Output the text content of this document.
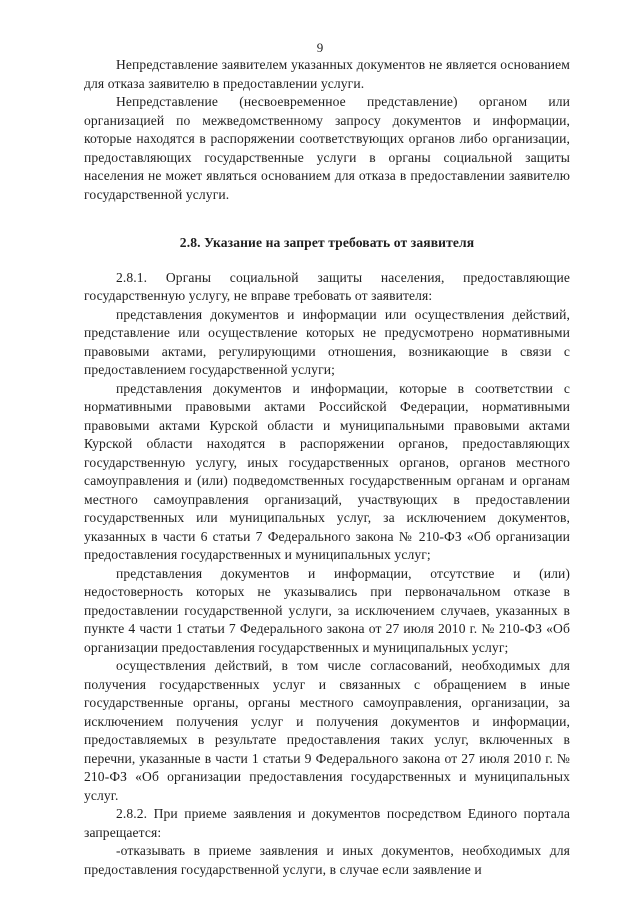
9

Непредставление заявителем указанных документов не является основанием для отказа заявителю в предоставлении услуги.

Непредставление (несвоевременное представление) органом или организацией по межведомственному запросу документов и информации, которые находятся в распоряжении соответствующих органов либо организации, предоставляющих государственные услуги в органы социальной защиты населения не может являться основанием для отказа в предоставлении заявителю государственной услуги.

2.8. Указание на запрет требовать от заявителя

2.8.1. Органы социальной защиты населения, предоставляющие государственную услугу, не вправе требовать от заявителя:

представления документов и информации или осуществления действий, представление или осуществление которых не предусмотрено нормативными правовыми актами, регулирующими отношения, возникающие в связи с предоставлением государственной услуги;

представления документов и информации, которые в соответствии с нормативными правовыми актами Российской Федерации, нормативными правовыми актами Курской области и муниципальными правовыми актами Курской области находятся в распоряжении органов, предоставляющих государственную услугу, иных государственных органов, органов местного самоуправления и (или) подведомственных государственным органам и органам местного самоуправления организаций, участвующих в предоставлении государственных или муниципальных услуг, за исключением документов, указанных в части 6 статьи 7 Федерального закона № 210-ФЗ «Об организации предоставления государственных и муниципальных услуг;

представления документов и информации, отсутствие и (или) недостоверность которых не указывались при первоначальном отказе в предоставлении государственной услуги, за исключением случаев, указанных в пункте 4 части 1 статьи 7 Федерального закона от 27 июля 2010 г. № 210-ФЗ «Об организации предоставления государственных и муниципальных услуг;

осуществления действий, в том числе согласований, необходимых для получения государственных услуг и связанных с обращением в иные государственные органы, органы местного самоуправления, организации, за исключением получения услуг и получения документов и информации, предоставляемых в результате предоставления таких услуг, включенных в перечни, указанные в части 1 статьи 9 Федерального закона от 27 июля 2010 г. № 210-ФЗ «Об организации предоставления государственных и муниципальных услуг.

2.8.2. При приеме заявления и документов посредством Единого портала запрещается:

-отказывать в приеме заявления и иных документов, необходимых для предоставления государственной услуги, в случае если заявление и
